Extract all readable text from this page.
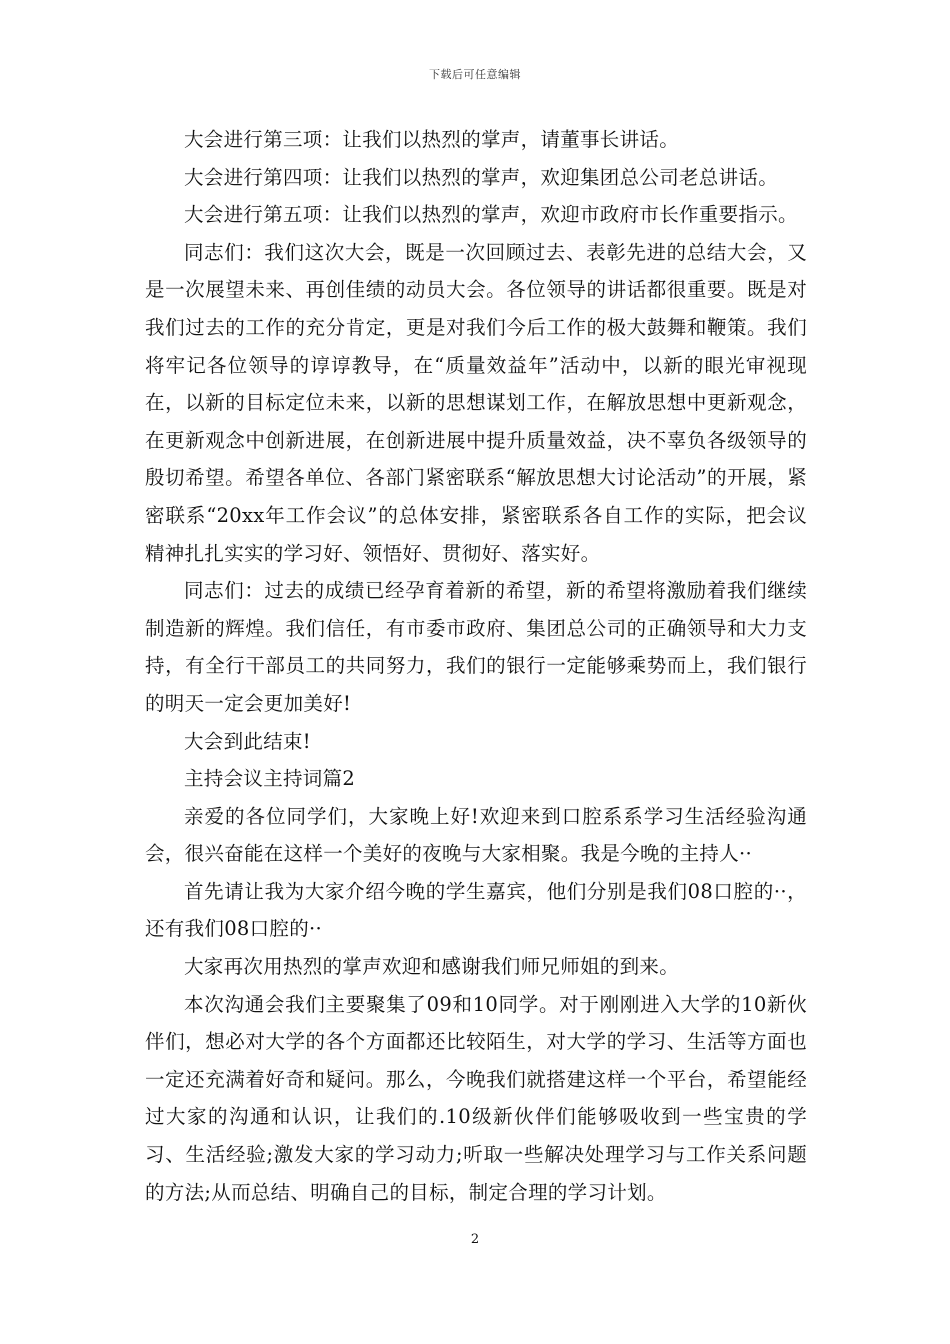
下载后可任意编辑

大会进行第三项：让我们以热烈的掌声，请董事长讲话。

大会进行第四项：让我们以热烈的掌声，欢迎集团总公司老总讲话。

大会进行第五项：让我们以热烈的掌声，欢迎市政府市长作重要指示。

同志们：我们这次大会，既是一次回顾过去、表彰先进的总结大会，又是一次展望未来、再创佳绩的动员大会。各位领导的讲话都很重要。既是对我们过去的工作的充分肯定，更是对我们今后工作的极大鼓舞和鞭策。我们将牢记各位领导的谆谆教导，在“质量效益年”活动中，以新的眼光审视现在，以新的目标定位未来，以新的思想谋划工作，在解放思想中更新观念，在更新观念中创新进展，在创新进展中提升质量效益，决不辜负各级领导的殷切希望。希望各单位、各部门紧密联系“解放思想大讨论活动”的开展，紧密联系“20xx年工作会议”的总体安排，紧密联系各自工作的实际，把会议精神扎扎实实的学习好、领悟好、贯彻好、落实好。

同志们：过去的成绩已经孕育着新的希望，新的希望将激励着我们继续制造新的辉煌。我们信任，有市委市政府、集团总公司的正确领导和大力支持，有全行干部员工的共同努力，我们的银行一定能够乘势而上，我们银行的明天一定会更加美好!

大会到此结束!

主持会议主持词篇2

亲爱的各位同学们，大家晚上好!欢迎来到口腔系系学习生活经验沟通会，很兴奋能在这样一个美好的夜晚与大家相聚。我是今晚的主持人··

首先请让我为大家介绍今晚的学生嘉宾，他们分别是我们08口腔的··，还有我们08口腔的··

大家再次用热烈的掌声欢迎和感谢我们师兄师姐的到来。

本次沟通会我们主要聚集了09和10同学。对于刚刚进入大学的10新伙伴们，想必对大学的各个方面都还比较陌生，对大学的学习、生活等方面也一定还充满着好奇和疑问。那么，今晚我们就搭建这样一个平台，希望能经过大家的沟通和认识，让我们的.10级新伙伴们能够吸收到一些宝贵的学习、生活经验;激发大家的学习动力;听取一些解决处理学习与工作关系问题的方法;从而总结、明确自己的目标，制定合理的学习计划。

2
